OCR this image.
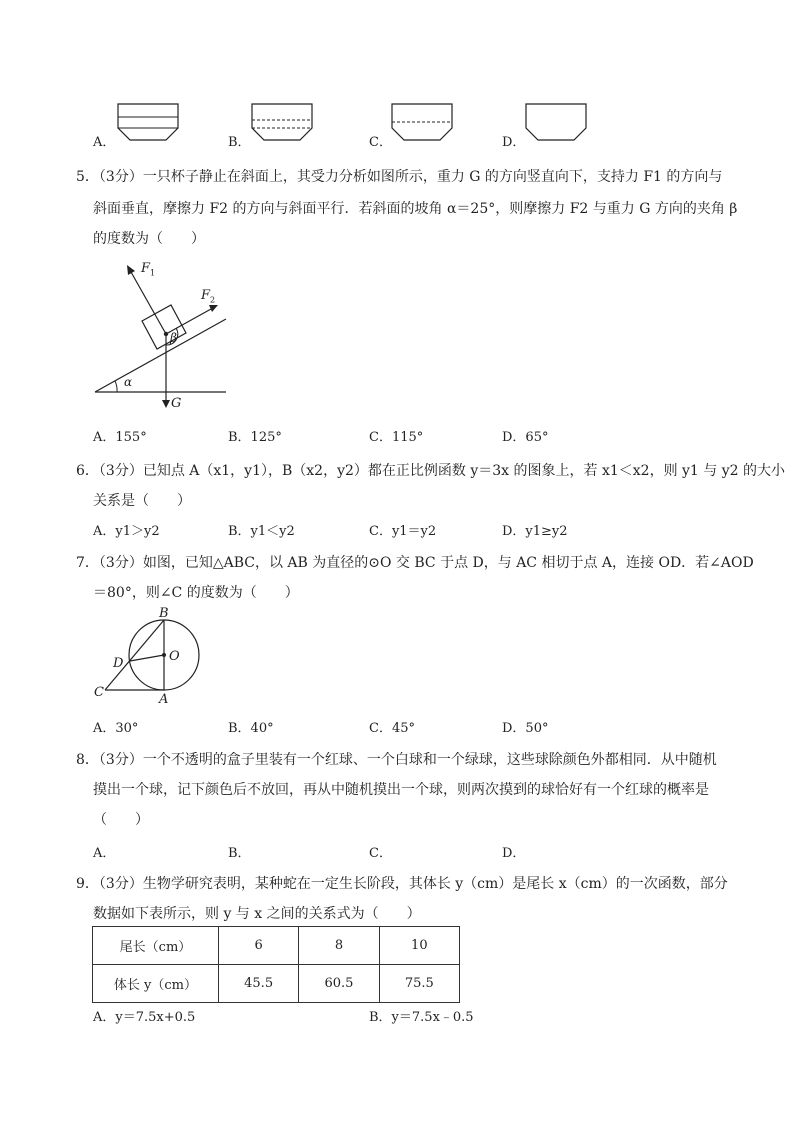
A．	B．	C．	D．
5．（3分）一只杯子静止在斜面上，其受力分析如图所示，重力 G 的方向竖直向下，支持力 F1 的方向与
斜面垂直，摩擦力 F2 的方向与斜面平行．若斜面的坡角 α＝25°，则摩擦力 F2 与重力 G 方向的夹角 β
的度数为（　　）
$F_1$
$F_2$
β
α
G
A．155°	B．125°	C．115°	D．65°
6．（3分）已知点 A（x1，y1），B（x2，y2）都在正比例函数 y＝3x 的图象上，若 x1＜x2，则 y1 与 y2 的大小
关系是（　　）
A．y1＞y2	B．y1＜y2	C．y1＝y2	D．y1≥y2
7．（3分）如图，已知△ABC，以 AB 为直径的⊙O 交 BC 于点 D，与 AC 相切于点 A，连接 OD．若∠AOD
＝80°，则∠C 的度数为（　　）
B
O
D
C	A
A．30°	B．40°	C．45°	D．50°
8．（3分）一个不透明的盒子里装有一个红球、一个白球和一个绿球，这些球除颜色外都相同．从中随机
摸出一个球，记下颜色后不放回，再从中随机摸出一个球，则两次摸到的球恰好有一个红球的概率是
（　　）
A．	B．	C．	D．
9．（3分）生物学研究表明，某种蛇在一定生长阶段，其体长 y（cm）是尾长 x（cm）的一次函数，部分
数据如下表所示，则 y 与 x 之间的关系式为（　　）
尾长（cm）	6	8	10
体长 y（cm）	45.5	60.5	75.5
A．y＝7.5x+0.5	B．y＝7.5x﹣0.5
